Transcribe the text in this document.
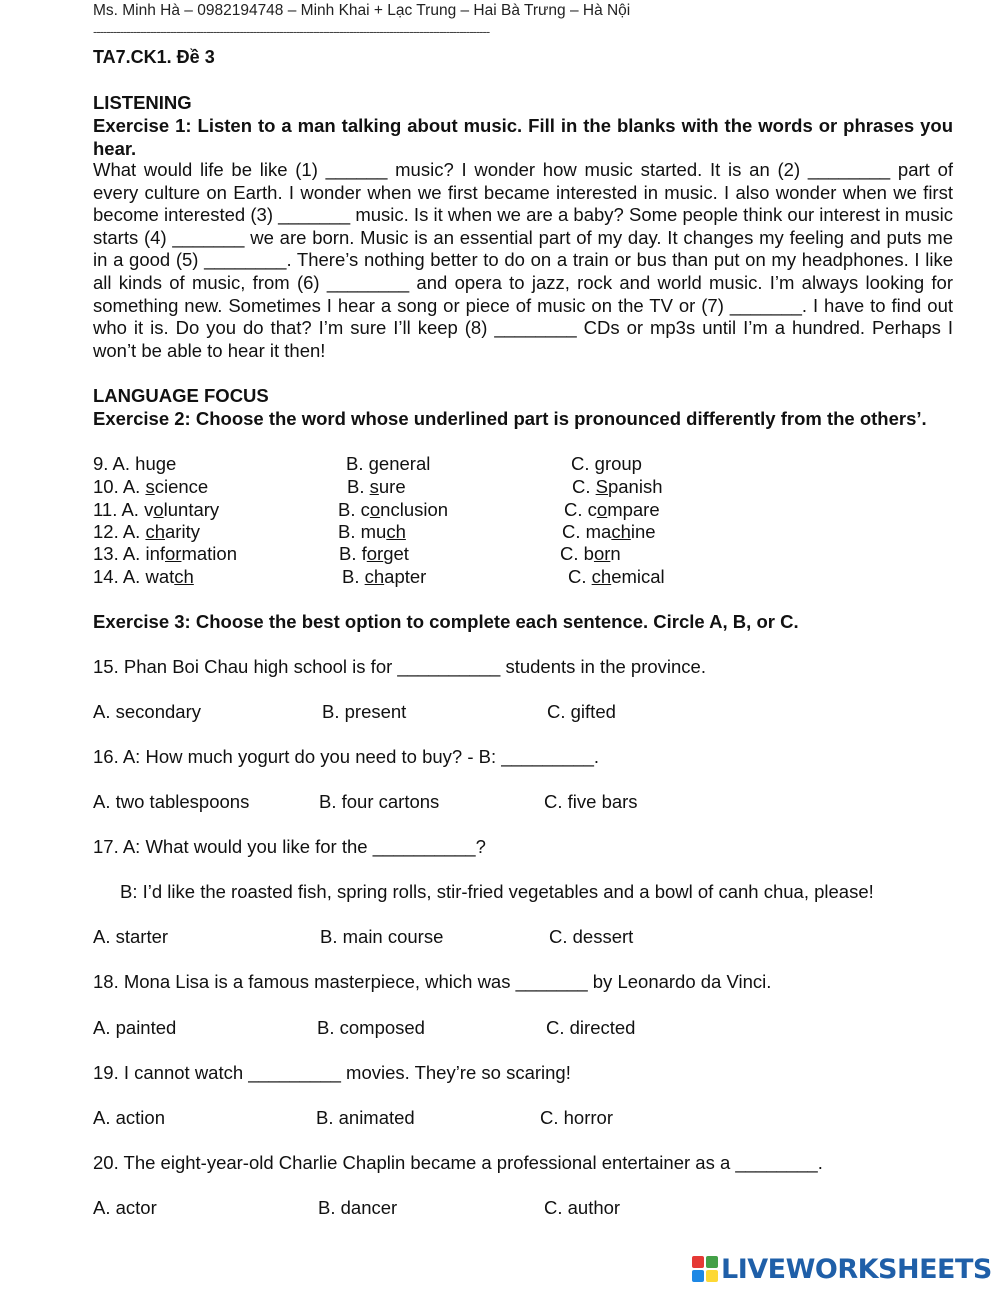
Ms. Minh Hà – 0982194748 – Minh Khai + Lạc Trung – Hai Bà Trưng – Hà Nội
-----------------------------------------------------------------------------------------------------------------------
TA7.CK1. Đề 3
LISTENING
Exercise 1: Listen to a man talking about music. Fill in the blanks with the words or phrases you hear.
What would life be like (1) ______ music? I wonder how music started. It is an (2) ________ part of every culture on Earth. I wonder when we first became interested in music. I also wonder when we first become interested (3) _______ music. Is it when we are a baby? Some people think our interest in music starts (4) _______ we are born. Music is an essential part of my day. It changes my feeling and puts me in a good (5) ________. There’s nothing better to do on a train or bus than put on my headphones. I like all kinds of music, from (6) ________ and opera to jazz, rock and world music. I’m always looking for something new. Sometimes I hear a song or piece of music on the TV or (7) _______. I have to find out who it is. Do you do that? I’m sure I’ll keep (8) ________ CDs or mp3s until I’m a hundred. Perhaps I won’t be able to hear it then!
LANGUAGE FOCUS
Exercise 2: Choose the word whose underlined part is pronounced differently from the others’.
9. A. huge	B. general	C. group
10. A. science	B. sure	C. Spanish
11. A. voluntary	B. conclusion	C. compare
12. A. charity	B. much	C. machine
13. A. information	B. forget	C. born
14. A. watch	B. chapter	C. chemical
Exercise 3: Choose the best option to complete each sentence. Circle A, B, or C.
15. Phan Boi Chau high school is for __________ students in the province.
A. secondary	B. present	C. gifted
16. A: How much yogurt do you need to buy? - B: _________.
A. two tablespoons	B. four cartons	C. five bars
17. A: What would you like for the __________?
B: I’d like the roasted fish, spring rolls, stir-fried vegetables and a bowl of canh chua, please!
A. starter	B. main course	C. dessert
18. Mona Lisa is a famous masterpiece, which was _______ by Leonardo da Vinci.
A. painted	B. composed	C. directed
19. I cannot watch _________ movies. They’re so scaring!
A. action	B. animated	C. horror
20. The eight-year-old Charlie Chaplin became a professional entertainer as a ________.
A. actor	B. dancer	C. author
LIVEWORKSHEETS
